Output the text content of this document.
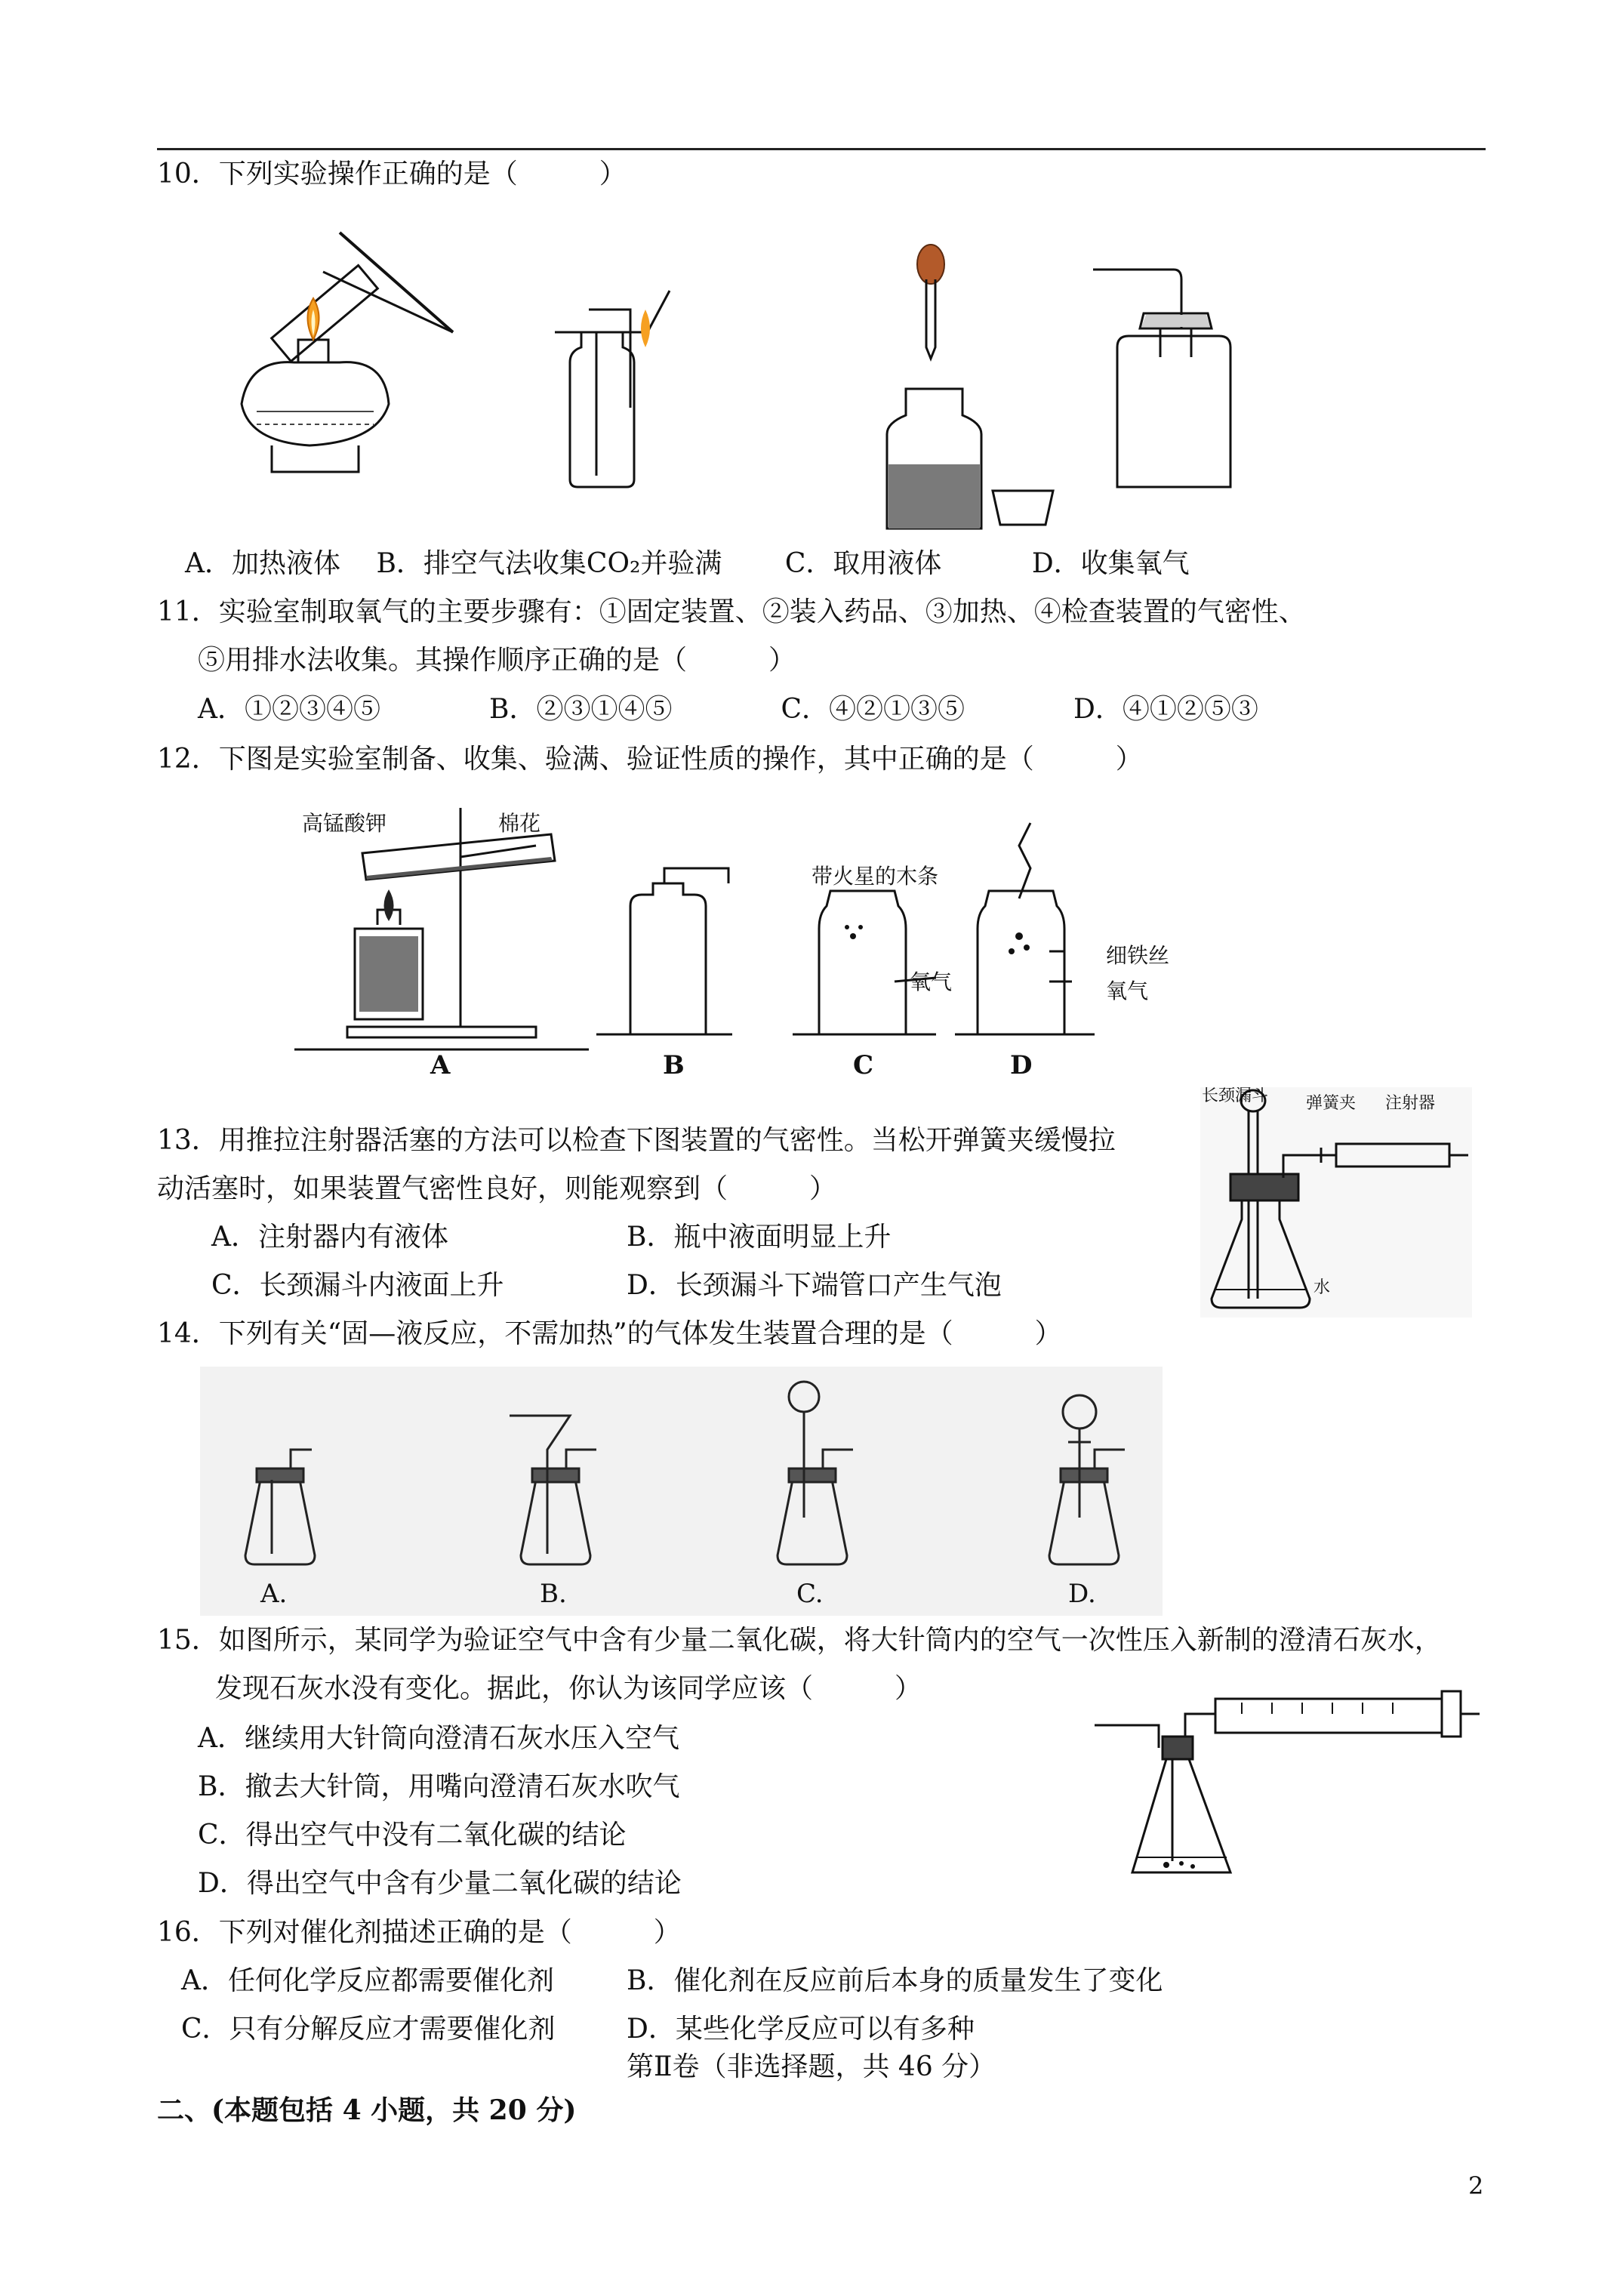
10．下列实验操作正确的是（　　　）
A．加热液体　 B．排空气法收集CO₂并验满　　 C．取用液体　　　 D．收集氧气
11．实验室制取氧气的主要步骤有：①固定装置、②装入药品、③加热、④检查装置的气密性、
⑤用排水法收集。其操作顺序正确的是（　　　）
A．①②③④⑤　　　　B．②③①④⑤　　　　C．④②①③⑤　　　　D．④①②⑤③
12．下图是实验室制备、收集、验满、验证性质的操作，其中正确的是（　　　）
高锰酸钾	棉花
带火星的木条
氧气
细铁丝
氧气
A	B	C	D
13．用推拉注射器活塞的方法可以检查下图装置的气密性。当松开弹簧夹缓慢拉
动活塞时，如果装置气密性良好，则能观察到（　　　）
A．注射器内有液体	B．瓶中液面明显上升
C．长颈漏斗内液面上升	D．长颈漏斗下端管口产生气泡
长颈漏斗 弹簧夹 注射器
水
14．下列有关“固—液反应，不需加热”的气体发生装置合理的是（　　　）
A.	B.	C.	D.
15．如图所示，某同学为验证空气中含有少量二氧化碳，将大针筒内的空气一次性压入新制的澄清石灰水，
发现石灰水没有变化。据此，你认为该同学应该（　　　）
A．继续用大针筒向澄清石灰水压入空气
B．撤去大针筒，用嘴向澄清石灰水吹气
C．得出空气中没有二氧化碳的结论
D．得出空气中含有少量二氧化碳的结论
16．下列对催化剂描述正确的是（　　　）
A．任何化学反应都需要催化剂	B．催化剂在反应前后本身的质量发生了变化
C．只有分解反应才需要催化剂	D．某些化学反应可以有多种
第Ⅱ卷（非选择题，共 46 分）
二、(本题包括 4 小题，共 20 分)
2
